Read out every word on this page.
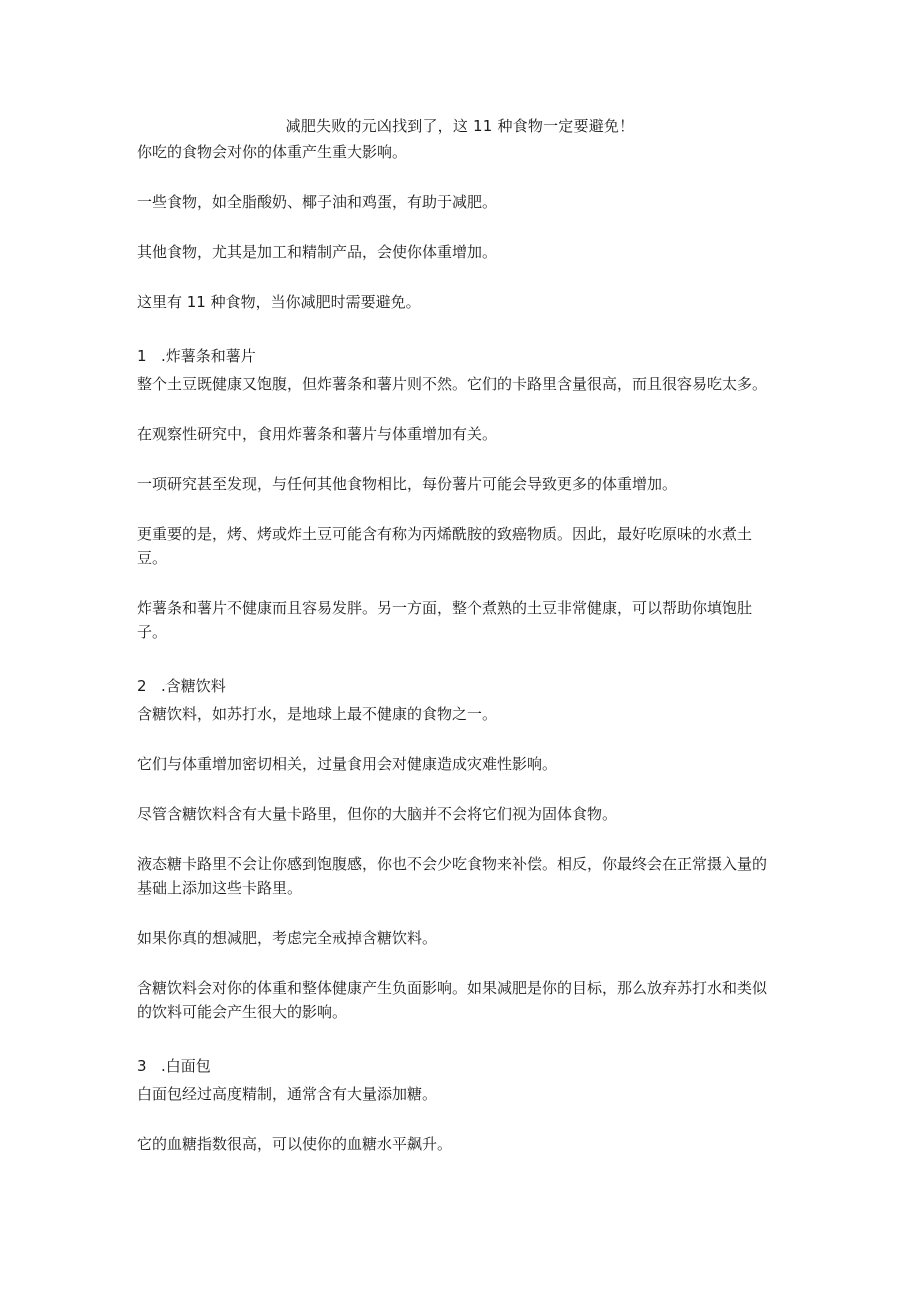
减肥失败的元凶找到了，这 11 种食物一定要避免！

你吃的食物会对你的体重产生重大影响。

一些食物，如全脂酸奶、椰子油和鸡蛋，有助于减肥。

其他食物，尤其是加工和精制产品，会使你体重增加。

这里有 11 种食物，当你减肥时需要避免。

1 .炸薯条和薯片

整个土豆既健康又饱腹，但炸薯条和薯片则不然。它们的卡路里含量很高，而且很容易吃太多。

在观察性研究中，食用炸薯条和薯片与体重增加有关。

一项研究甚至发现，与任何其他食物相比，每份薯片可能会导致更多的体重增加。

更重要的是，烤、烤或炸土豆可能含有称为丙烯酰胺的致癌物质。因此，最好吃原味的水煮土豆。

炸薯条和薯片不健康而且容易发胖。另一方面，整个煮熟的土豆非常健康，可以帮助你填饱肚子。

2 .含糖饮料

含糖饮料，如苏打水，是地球上最不健康的食物之一。

它们与体重增加密切相关，过量食用会对健康造成灾难性影响。

尽管含糖饮料含有大量卡路里，但你的大脑并不会将它们视为固体食物。

液态糖卡路里不会让你感到饱腹感，你也不会少吃食物来补偿。相反，你最终会在正常摄入量的基础上添加这些卡路里。

如果你真的想减肥，考虑完全戒掉含糖饮料。

含糖饮料会对你的体重和整体健康产生负面影响。如果减肥是你的目标，那么放弃苏打水和类似的饮料可能会产生很大的影响。

3 .白面包

白面包经过高度精制，通常含有大量添加糖。

它的血糖指数很高，可以使你的血糖水平飙升。
